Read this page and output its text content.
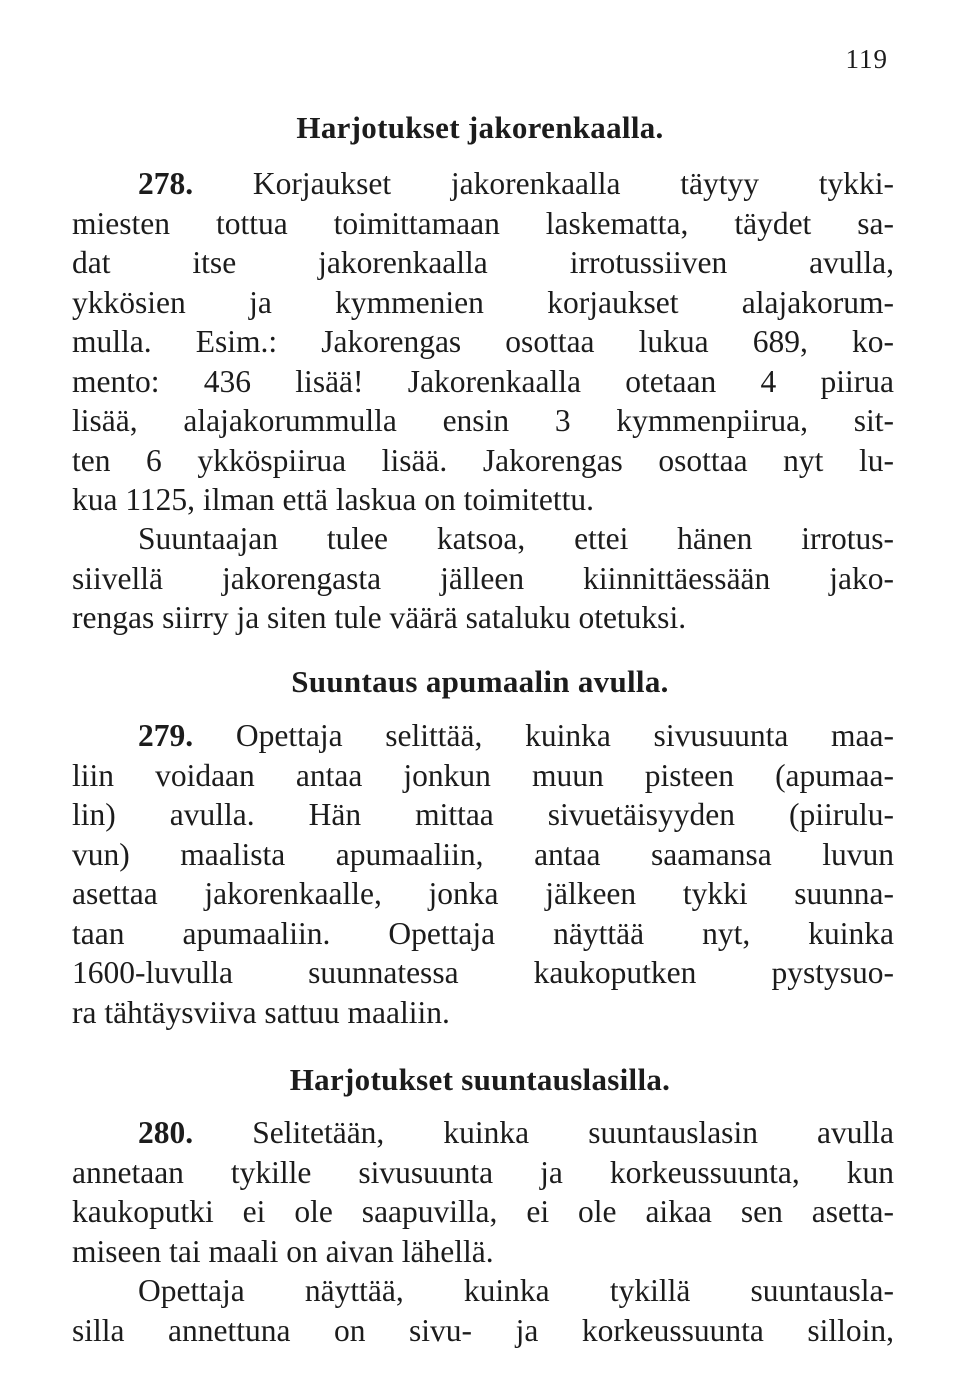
119
Harjotukset jakorenkaalla.
278. Korjaukset jakorenkaalla täytyy tykki-
miesten tottua toimittamaan laskematta, täydet sa-
dat itse jakorenkaalla irrotussiiven avulla,
ykkösien ja kymmenien korjaukset alajakorum-
mulla. Esim.: Jakorengas osottaa lukua 689, ko-
mento: 436 lisää! Jakorenkaalla otetaan 4 piirua
lisää, alajakorummulla ensin 3 kymmenpiirua, sit-
ten 6 ykköspiirua lisää. Jakorengas osottaa nyt lu-
kua 1125, ilman että laskua on toimitettu.
Suuntaajan tulee katsoa, ettei hänen irrotus-
siivellä jakorengasta jälleen kiinnittäessään jako-
rengas siirry ja siten tule väärä sataluku otetuksi.
Suuntaus apumaalin avulla.
279. Opettaja selittää, kuinka sivusuunta maa-
liin voidaan antaa jonkun muun pisteen (apumaa-
lin) avulla. Hän mittaa sivuetäisyyden (piirulu-
vun) maalista apumaaliin, antaa saamansa luvun
asettaa jakorenkaalle, jonka jälkeen tykki suunna-
taan apumaaliin. Opettaja näyttää nyt, kuinka
1600-luvulla suunnatessa kaukoputken pystysuo-
ra tähtäysviiva sattuu maaliin.
Harjotukset suuntauslasilla.
280. Selitetään, kuinka suuntauslasin avulla
annetaan tykille sivusuunta ja korkeussuunta, kun
kaukoputki ei ole saapuvilla, ei ole aikaa sen asetta-
miseen tai maali on aivan lähellä.
Opettaja näyttää, kuinka tykillä suuntausla-
silla annettuna on sivu- ja korkeussuunta silloin,
